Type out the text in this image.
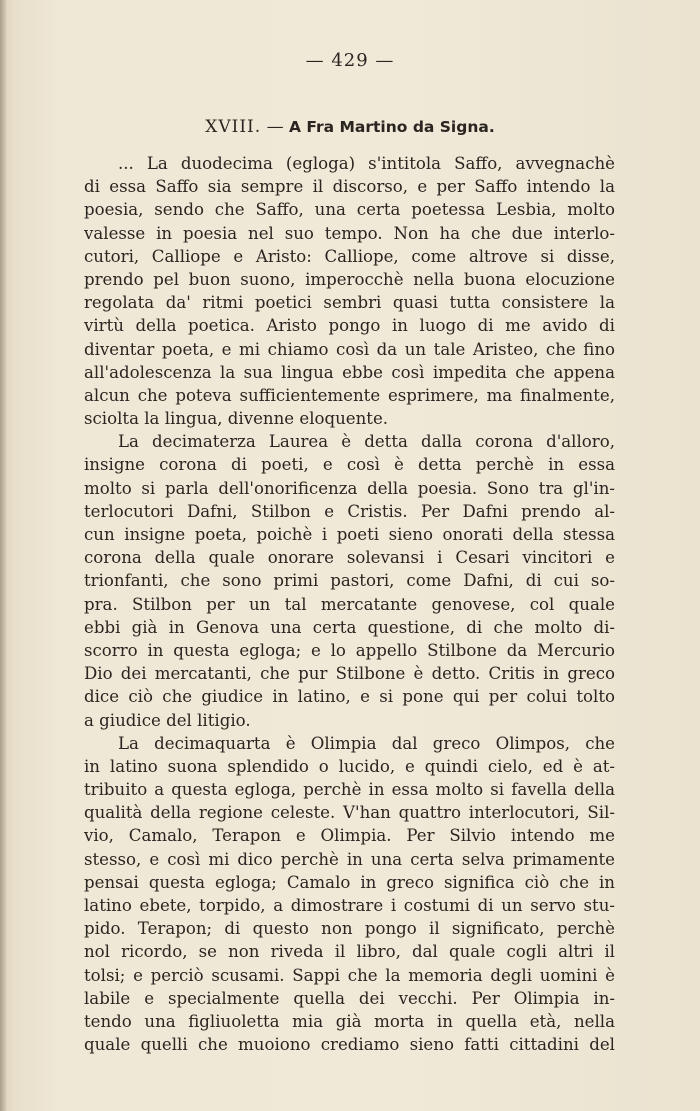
— 429 —
XVIII. — A Fra Martino da Signa.
... La duodecima (egloga) s'intitola Saffo, avvegnachè
di essa Saffo sia sempre il discorso, e per Saffo intendo la
poesia, sendo che Saffo, una certa poetessa Lesbia, molto
valesse in poesia nel suo tempo. Non ha che due interlo-
cutori, Calliope e Aristo: Calliope, come altrove si disse,
prendo pel buon suono, imperocchè nella buona elocuzione
regolata da' ritmi poetici sembri quasi tutta consistere la
virtù della poetica. Aristo pongo in luogo di me avido di
diventar poeta, e mi chiamo così da un tale Aristeo, che fino
all'adolescenza la sua lingua ebbe così impedita che appena
alcun che poteva sufficientemente esprimere, ma finalmente,
sciolta la lingua, divenne eloquente.
La decimaterza Laurea è detta dalla corona d'alloro,
insigne corona di poeti, e così è detta perchè in essa
molto si parla dell'onorificenza della poesia. Sono tra gl'in-
terlocutori Dafni, Stilbon e Cristis. Per Dafni prendo al-
cun insigne poeta, poichè i poeti sieno onorati della stessa
corona della quale onorare solevansi i Cesari vincitori e
trionfanti, che sono primi pastori, come Dafni, di cui so-
pra. Stilbon per un tal mercatante genovese, col quale
ebbi già in Genova una certa questione, di che molto di-
scorro in questa egloga; e lo appello Stilbone da Mercurio
Dio dei mercatanti, che pur Stilbone è detto. Critis in greco
dice ciò che giudice in latino, e si pone qui per colui tolto
a giudice del litigio.
La decimaquarta è Olimpia dal greco Olimpos, che
in latino suona splendido o lucido, e quindi cielo, ed è at-
tribuito a questa egloga, perchè in essa molto si favella della
qualità della regione celeste. V'han quattro interlocutori, Sil-
vio, Camalo, Terapon e Olimpia. Per Silvio intendo me
stesso, e così mi dico perchè in una certa selva primamente
pensai questa egloga; Camalo in greco significa ciò che in
latino ebete, torpido, a dimostrare i costumi di un servo stu-
pido. Terapon; di questo non pongo il significato, perchè
nol ricordo, se non riveda il libro, dal quale cogli altri il
tolsi; e perciò scusami. Sappi che la memoria degli uomini è
labile e specialmente quella dei vecchi. Per Olimpia in-
tendo una figliuoletta mia già morta in quella età, nella
quale quelli che muoiono crediamo sieno fatti cittadini del
